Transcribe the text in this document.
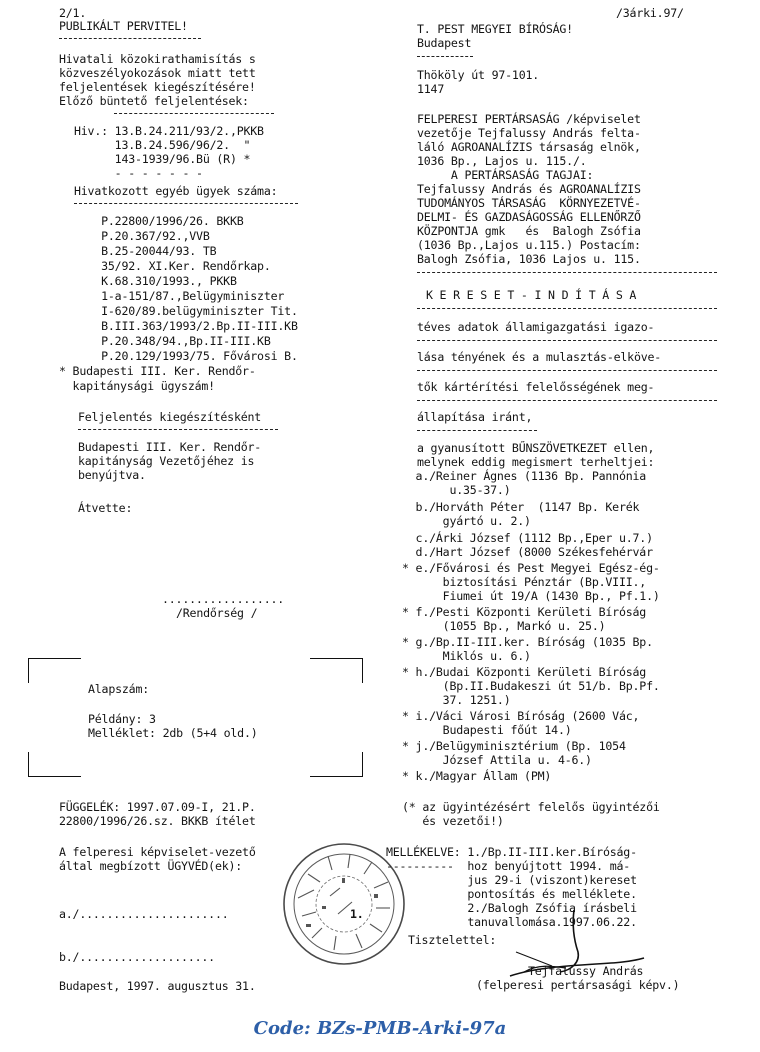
2/1.
PUBLIKÁLT PERVITEL!
Hivatali közokirathamisítás s
közveszélyokozások miatt tett
feljelentések kiegészítésére!
Előző büntető feljelentések:
Hiv.: 13.B.24.211/93/2.,PKKB
13.B.24.596/96/2.  "
143-1939/96.Bü (R) *
- - - - - - -
Hivatkozott egyéb ügyek száma:
P.22800/1996/26. BKKB
P.20.367/92.,VVB
B.25-20044/93. TB
35/92. XI.Ker. Rendőrkap.
K.68.310/1993., PKKB
1-a-151/87.,Belügyminiszter
I-620/89.belügyminiszter Tit.
B.III.363/1993/2.Bp.II-III.KB
P.20.348/94.,Bp.II-III.KB
P.20.129/1993/75. Fővárosi B.
* Budapesti III. Ker. Rendőr-
kapitánysági ügyszám!
Feljelentés kiegészítésként
Budapesti III. Ker. Rendőr-
kapitányság Vezetőjéhez is
benyújtva.
Átvette:
..................
/Rendőrség /
Alapszám:
Példány: 3
Melléklet: 2db (5+4 old.)
FÜGGELÉK: 1997.07.09-I, 21.P.
22800/1996/26.sz. BKKB ítélet
A felperesi képviselet-vezető
által megbízott ÜGYVÉD(ek):
a./......................
b./....................
Budapest, 1997. augusztus 31.
1.
/3árki.97/
T. PEST MEGYEI BÍRÓSÁG!
Budapest
Thököly út 97-101.
1147
FELPERESI PERTÁRSASÁG /képviselet
vezetője Tejfalussy András felta-
láló AGROANALÍZIS társaság elnök,
1036 Bp., Lajos u. 115./.
A PERTÁRSASÁG TAGJAI:
Tejfalussy András és AGROANALÍZIS
TUDOMÁNYOS TÁRSASÁG  KÖRNYEZETVÉ-
DELMI- ÉS GAZDASÁGOSSÁG ELLENŐRZŐ
KÖZPONTJA gmk   és  Balogh Zsófia
(1036 Bp.,Lajos u.115.) Postacím:
Balogh Zsófia, 1036 Lajos u. 115.
K E R E S E T - I N D Í T Á S A
téves adatok államigazgatási igazo-
lása tényének és a mulasztás-elköve-
tők kártérítési felelősségének meg-
állapítása iránt,
a gyanusított BŰNSZÖVETKEZET ellen,
melynek eddig megismert terheltjei:
a./Reiner Ágnes (1136 Bp. Pannónia
u.35-37.)
b./Horváth Péter  (1147 Bp. Kerék
gyártó u. 2.)
c./Árki József (1112 Bp.,Eper u.7.)
d./Hart József (8000 Székesfehérvár
* e./Fővárosi és Pest Megyei Egész-ég-
biztosítási Pénztár (Bp.VIII.,
Fiumei út 19/A (1430 Bp., Pf.1.)
* f./Pesti Központi Kerületi Bíróság
(1055 Bp., Markó u. 25.)
* g./Bp.II-III.ker. Bíróság (1035 Bp.
Miklós u. 6.)
* h./Budai Központi Kerületi Bíróság
(Bp.II.Budakeszi út 51/b. Bp.Pf.
37. 1251.)
* i./Váci Városi Bíróság (2600 Vác,
Budapesti főút 14.)
* j./Belügyminisztérium (Bp. 1054
József Attila u. 4-6.)
* k./Magyar Állam (PM)
(* az ügyintézésért felelős ügyintézői
és vezetői!)
MELLÉKELVE: 1./Bp.II-III.ker.Bíróság-
----------  hoz benyújtott 1994. má-
jus 29-i (viszont)kereset
pontosítás és melléklete.
2./Balogh Zsófia írásbeli
tanuvallomása.1997.06.22.
Tisztelettel:
Tejfalussy András
(felperesi pertársasági képv.)
Code: BZs-PMB-Arki-97a
